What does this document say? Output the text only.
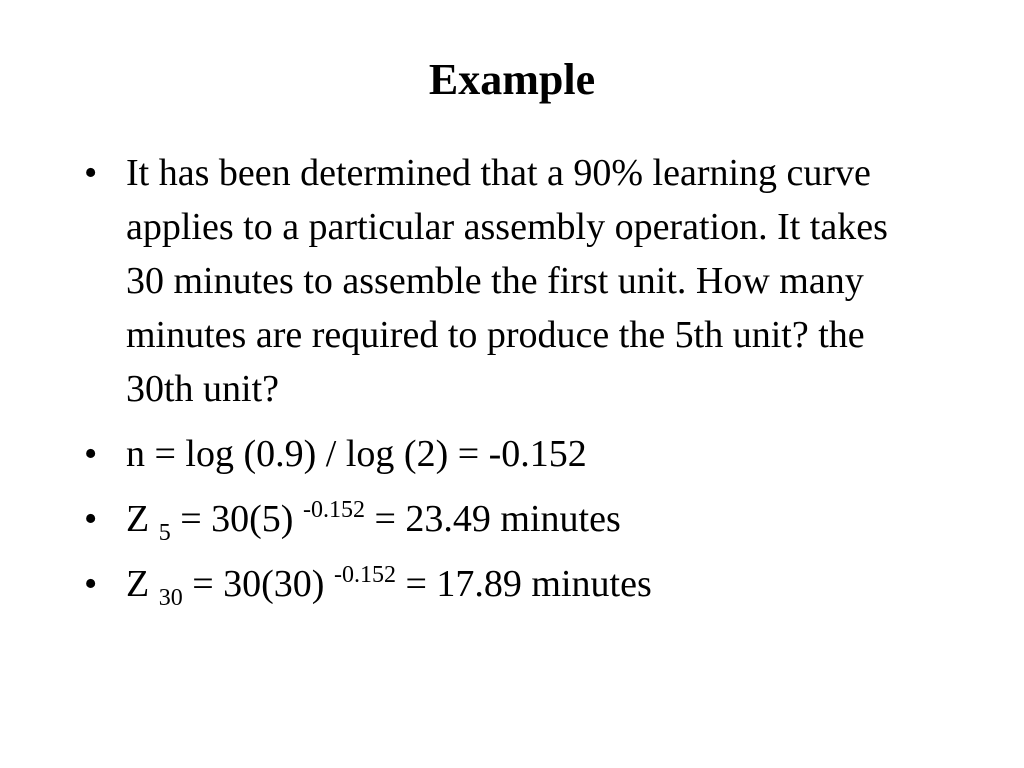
Example
• It has been determined that a 90% learning curve applies to a particular assembly operation. It takes 30 minutes to assemble the first unit. How many minutes are required to produce the 5th unit? the 30th unit?
• n = log (0.9) / log (2) = -0.152
• Z $_5$ = 30(5) $^{-0.152}$ = 23.49 minutes
• Z $_{30}$ = 30(30) $^{-0.152}$ = 17.89 minutes
